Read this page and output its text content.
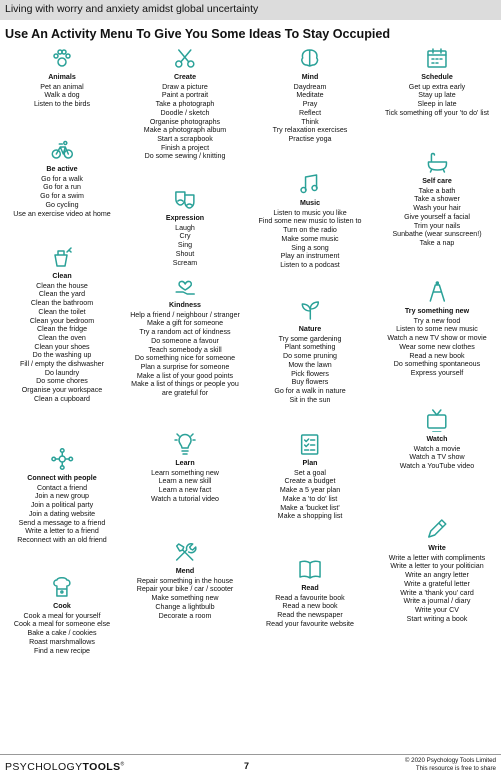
Living with worry and anxiety amidst global uncertainty
Use An Activity Menu To Give You Some Ideas To Stay Occupied
Animals
Pet an animal
Walk a dog
Listen to the birds
Create
Draw a picture
Paint a portrait
Take a photograph
Doodle / sketch
Organise photographs
Make a photograph album
Start a scrapbook
Finish a project
Do some sewing / knitting
Mind
Daydream
Meditate
Pray
Reflect
Think
Try relaxation exercises
Practise yoga
Schedule
Get up extra early
Stay up late
Sleep in late
Tick something off your 'to do' list
Be active
Go for a walk
Go for a run
Go for a swim
Go cycling
Use an exercise video at home
Expression
Laugh
Cry
Sing
Shout
Scream
Music
Listen to music you like
Find some new music to listen to
Turn on the radio
Make some music
Sing a song
Play an instrument
Listen to a podcast
Self care
Take a bath
Take a shower
Wash your hair
Give yourself a facial
Trim your nails
Sunbathe (wear sunscreen!)
Take a nap
Clean
Clean the house
Clean the yard
Clean the bathroom
Clean the toilet
Clean your bedroom
Clean the fridge
Clean the oven
Clean your shoes
Do the washing up
Fill / empty the dishwasher
Do laundry
Do some chores
Organise your workspace
Clean a cupboard
Kindness
Help a friend / neighbour / stranger
Make a gift for someone
Try a random act of kindness
Do someone a favour
Teach somebody a skill
Do something nice for someone
Plan a surprise for someone
Make a list of your good points
Make a list of things or people you
are grateful for
Nature
Try some gardening
Plant something
Do some pruning
Mow the lawn
Pick flowers
Buy flowers
Go for a walk in nature
Sit in the sun
Try something new
Try a new food
Listen to some new music
Watch a new TV show or movie
Wear some new clothes
Read a new book
Do something spontaneous
Express yourself
Connect with people
Contact a friend
Join a new group
Join a political party
Join a dating website
Send a message to a friend
Write a letter to a friend
Reconnect with an old friend
Learn
Learn something new
Learn a new skill
Learn a new fact
Watch a tutorial video
Plan
Set a goal
Create a budget
Make a 5 year plan
Make a 'to do' list
Make a 'bucket list'
Make a shopping list
Watch
Watch a movie
Watch a TV show
Watch a YouTube video
Mend
Repair something in the house
Repair your bike / car / scooter
Make something new
Change a lightbulb
Decorate a room
Read
Read a favourite book
Read a new book
Read the newspaper
Read your favourite website
Write
Write a letter with compliments
Write a letter to your politician
Write an angry letter
Write a grateful letter
Write a 'thank you' card
Write a journal / diary
Write your CV
Start writing a book
Cook
Cook a meal for yourself
Cook a meal for someone else
Bake a cake / cookies
Roast marshmallows
Find a new recipe
PSYCHOLOGYTOOLS®	7
© 2020 Psychology Tools Limited
This resource is free to share
